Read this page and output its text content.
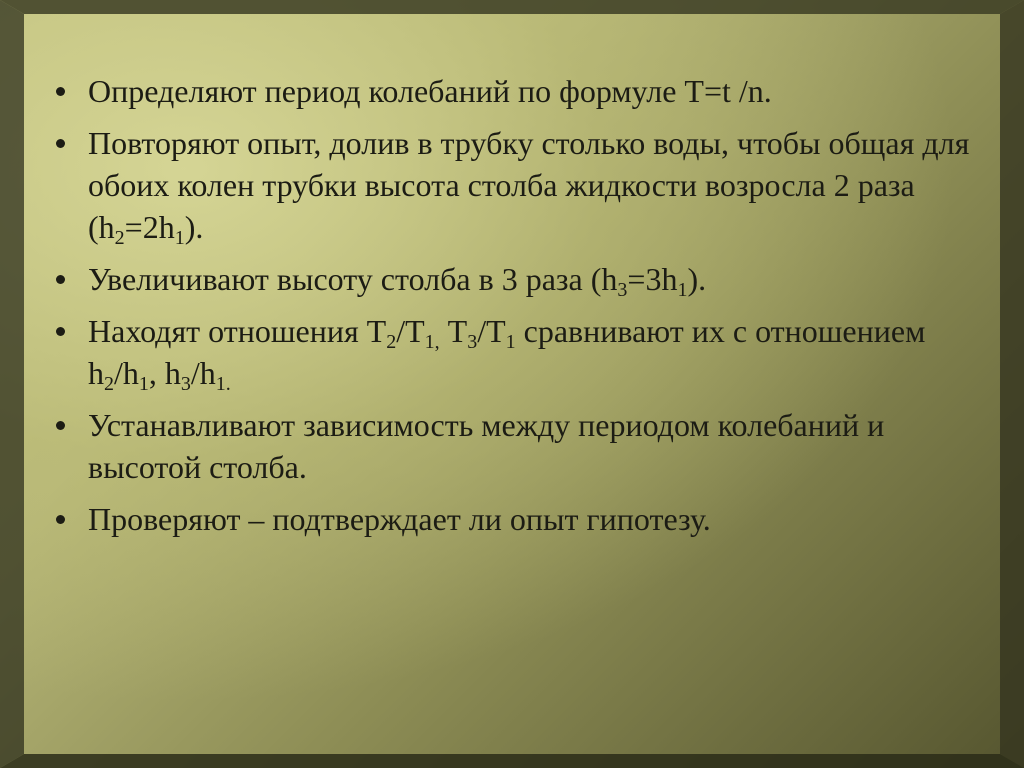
Определяют период колебаний по формуле Т=t /n.
Повторяют опыт, долив в трубку столько воды, чтобы общая для обоих колен трубки высота столба жидкости возросла 2 раза $(h_2=2h_1)$.
Увеличивают высоту столба в 3 раза $(h_3=3h_1)$.
Находят отношения $Т_2/Т_{1,}$ $Т_3/Т_1$ сравнивают их с отношением $h_2/h_1$, $h_3/h_{1.}$
Устанавливают зависимость между периодом колебаний и высотой столба.
Проверяют – подтверждает ли опыт гипотезу.
